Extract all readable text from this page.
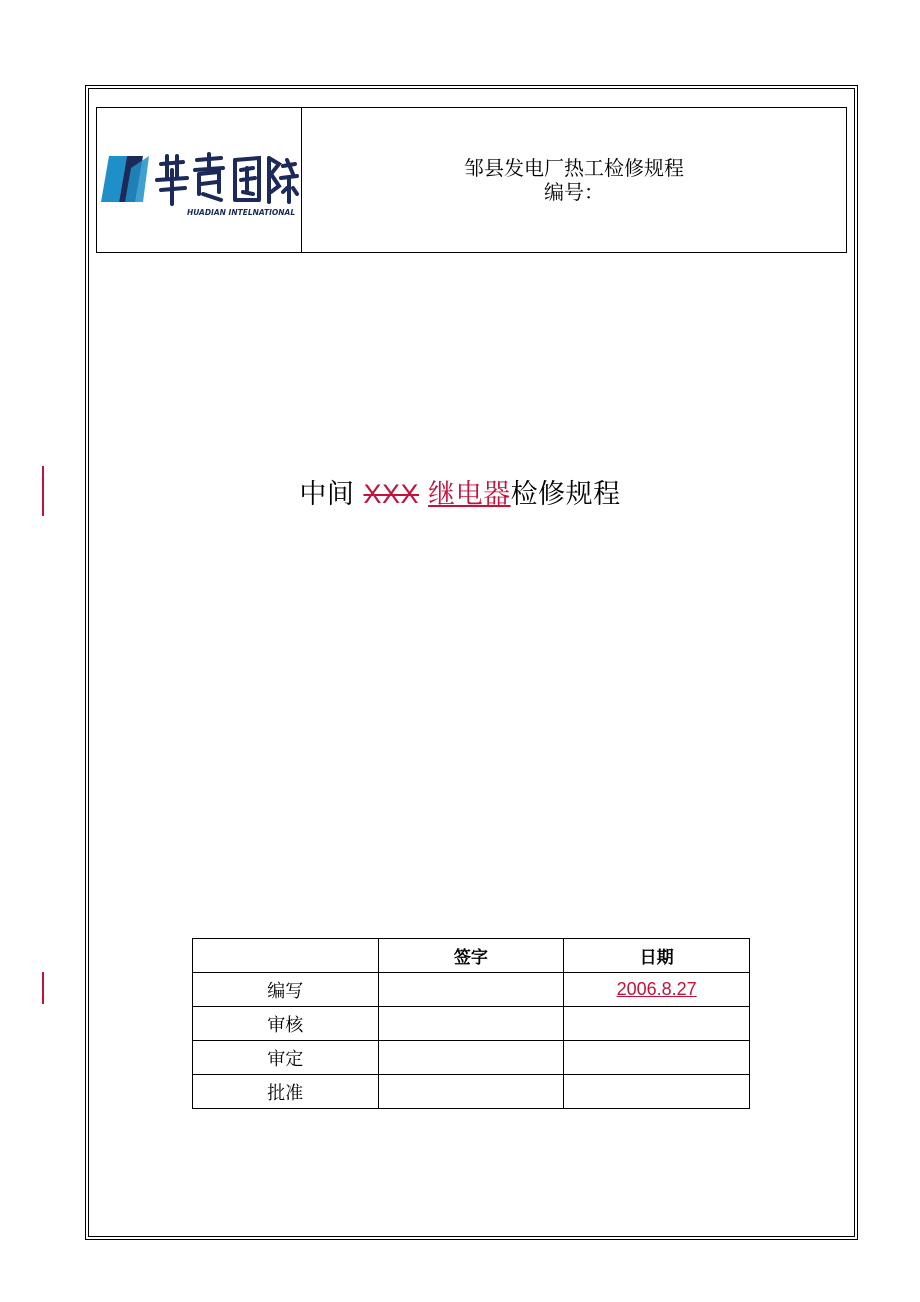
HUADIAN INTELNATIONAL
邹县发电厂热工检修规程
编号：
中间 XXX 继电器检修规程
	签字	日期
编写		2006.8.27
审核		
审定		
批准		
